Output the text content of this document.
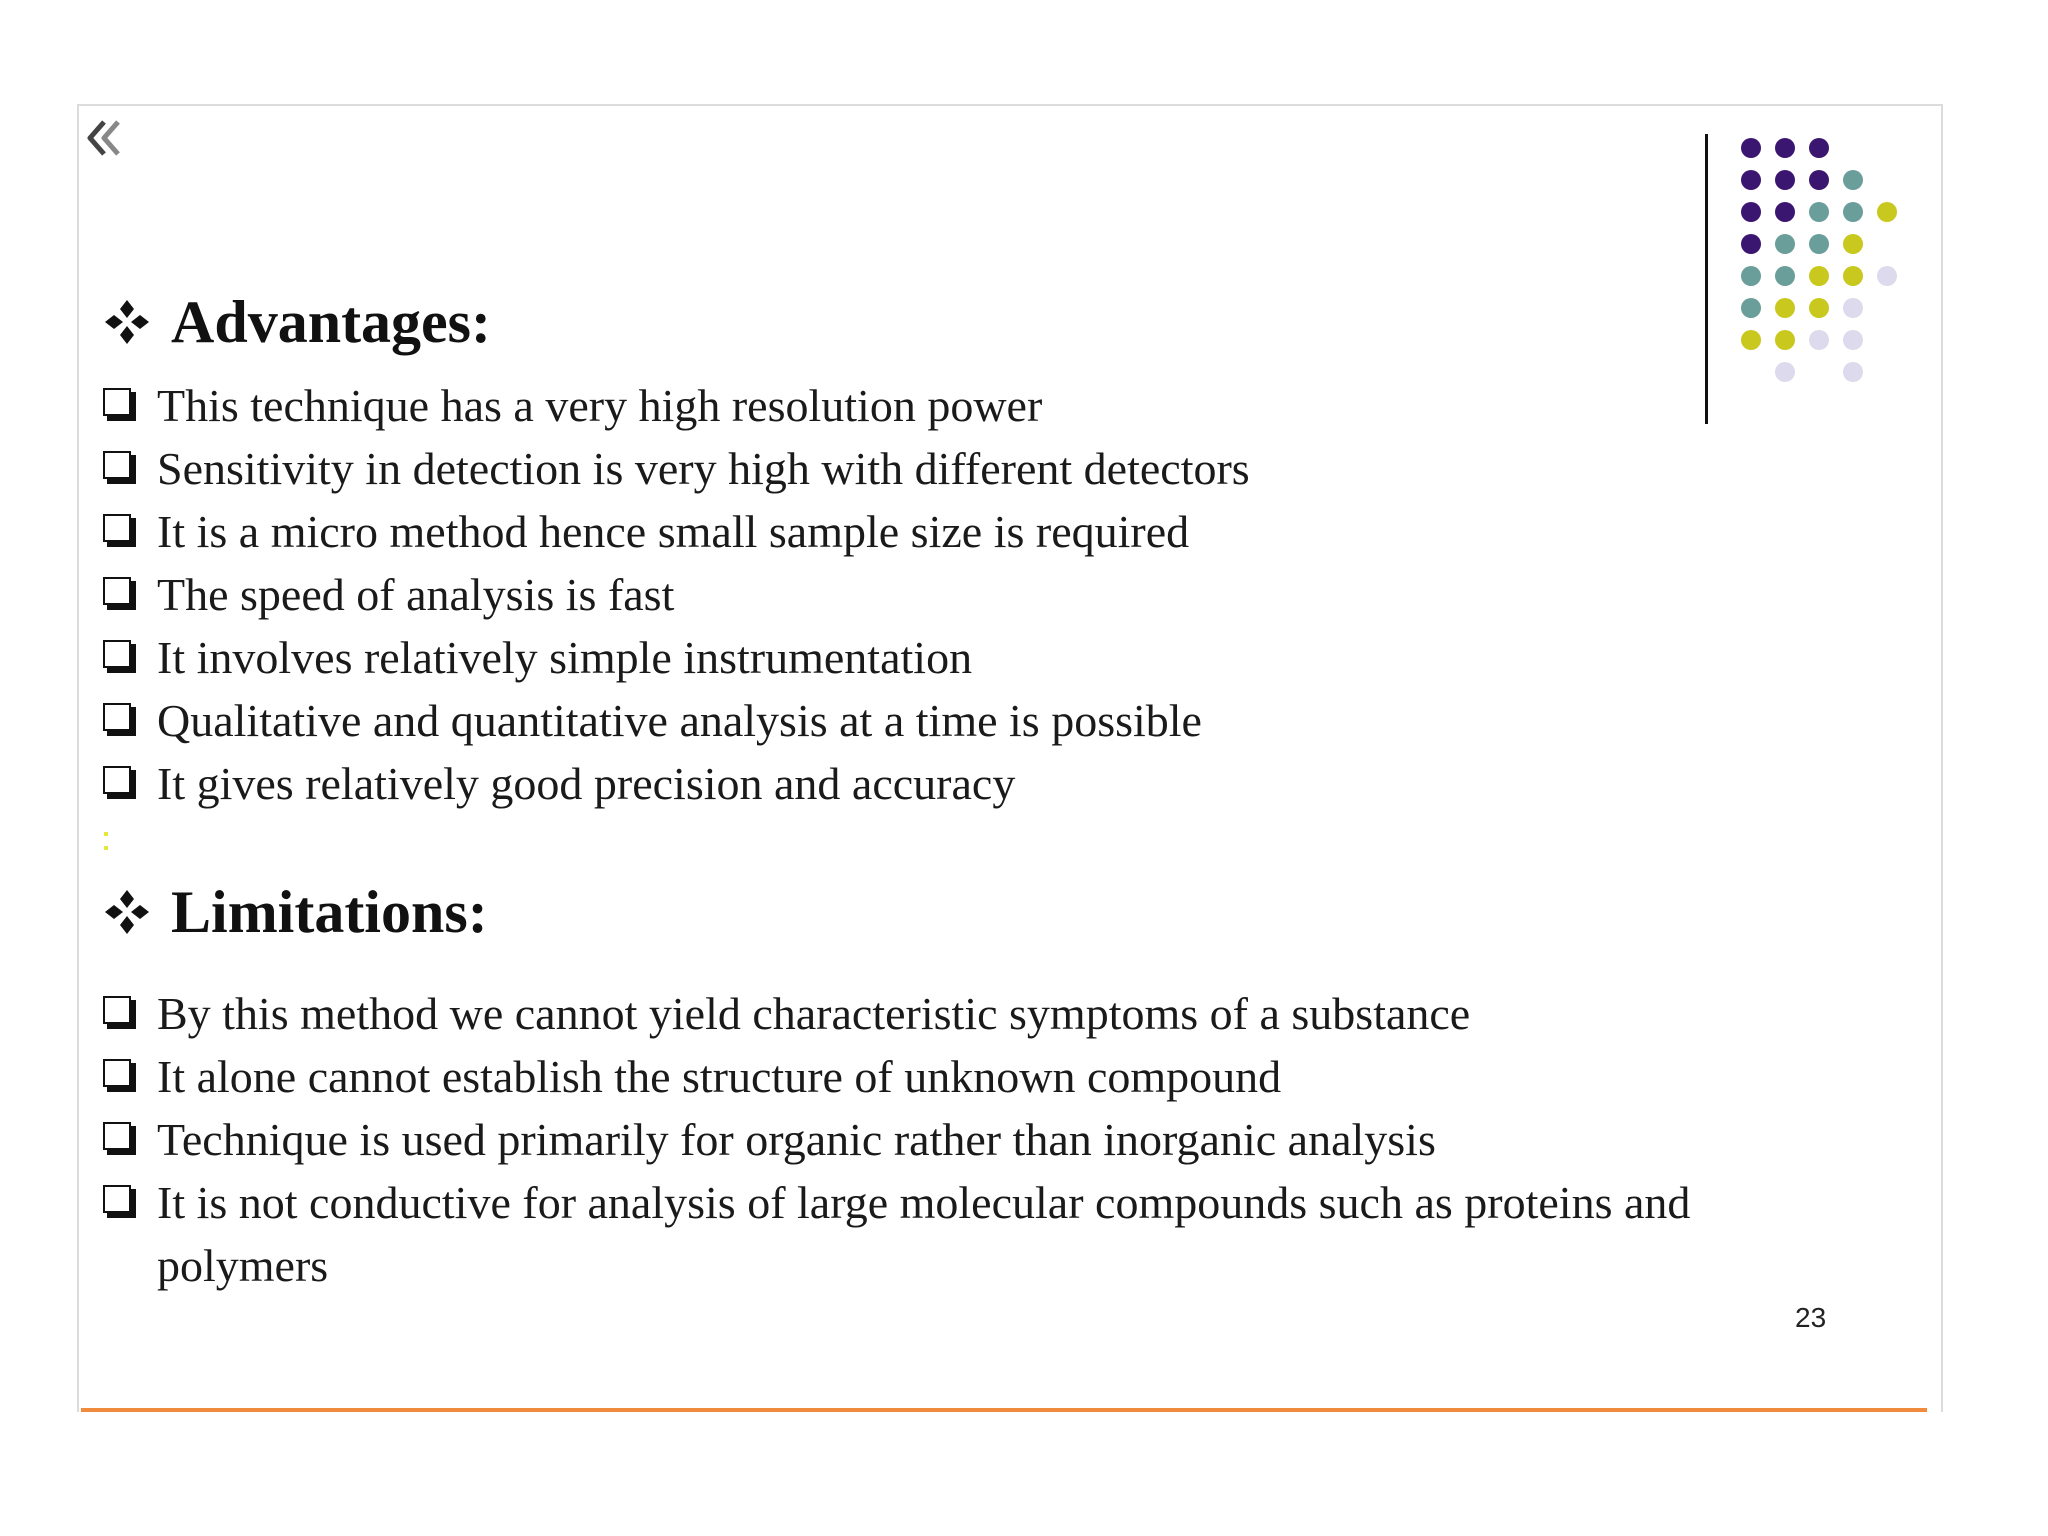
Advantages:
This technique has a very high resolution power
Sensitivity in detection is very high with different detectors
It is a micro method hence small sample size is required
The speed of analysis is fast
It involves relatively simple instrumentation
Qualitative and quantitative analysis at a time is possible
It gives relatively good precision and accuracy
Limitations:
By this method we cannot yield characteristic symptoms of a substance
It alone cannot establish the structure of unknown compound
Technique is used primarily for organic rather than inorganic analysis
It is not conductive for analysis of large molecular compounds such as proteins and polymers
23
